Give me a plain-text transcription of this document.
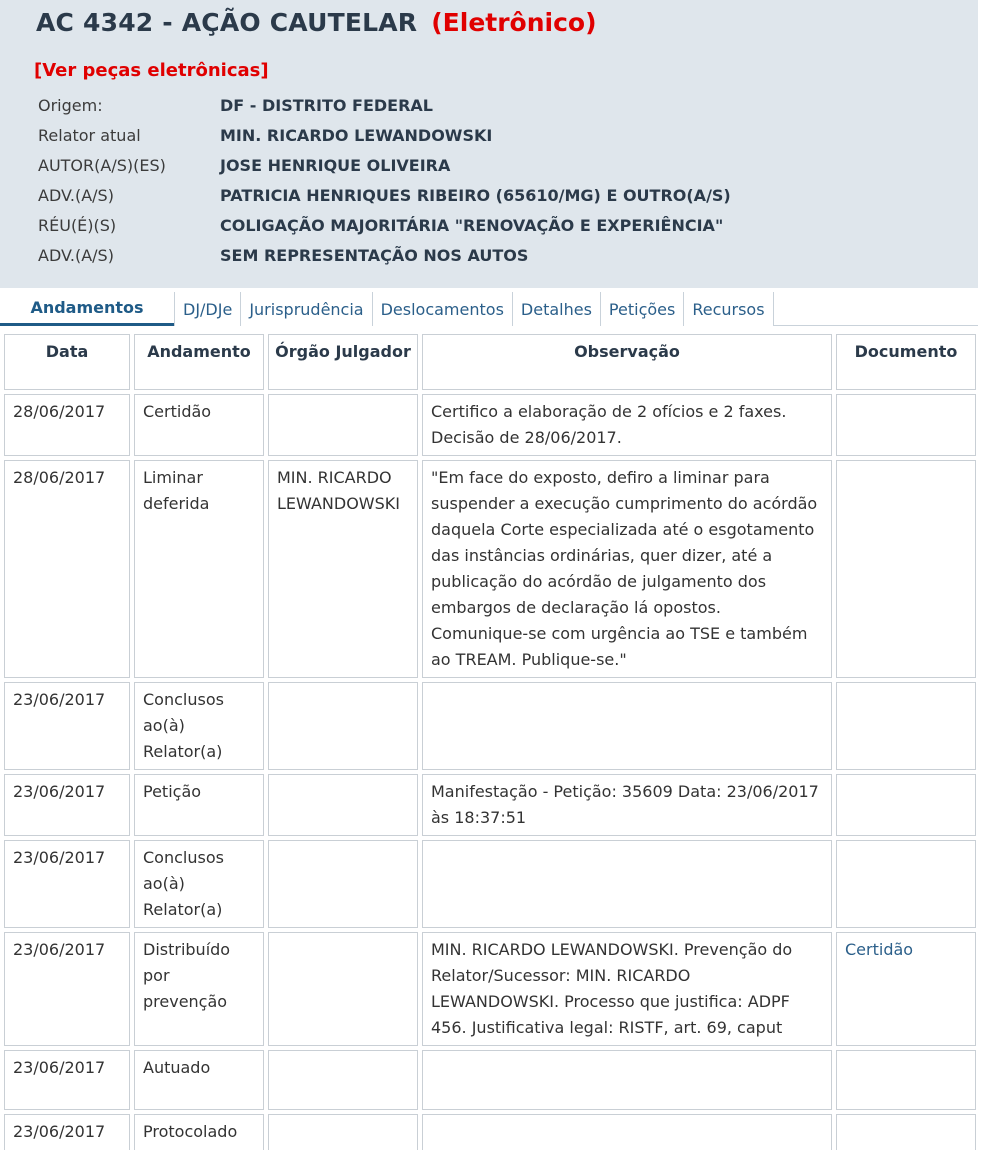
AC 4342 - AÇÃO CAUTELAR (Eletrônico)
[Ver peças eletrônicas]
Origem:	DF - DISTRITO FEDERAL
Relator atual	MIN. RICARDO LEWANDOWSKI
AUTOR(A/S)(ES)	JOSE HENRIQUE OLIVEIRA
ADV.(A/S)	PATRICIA HENRIQUES RIBEIRO (65610/MG) E OUTRO(A/S)
RÉU(É)(S)	COLIGAÇÃO MAJORITÁRIA "RENOVAÇÃO E EXPERIÊNCIA"
ADV.(A/S)	SEM REPRESENTAÇÃO NOS AUTOS
Andamentos	DJ/DJe	Jurisprudência	Deslocamentos	Detalhes	Petições	Recursos
Data	Andamento	Órgão Julgador	Observação	Documento
28/06/2017	Certidão		Certifico a elaboração de 2 ofícios e 2 faxes. Decisão de 28/06/2017.	
28/06/2017	Liminar deferida	MIN. RICARDO LEWANDOWSKI	"Em face do exposto, defiro a liminar para suspender a execução cumprimento do acórdão daquela Corte especializada até o esgotamento das instâncias ordinárias, quer dizer, até a publicação do acórdão de julgamento dos embargos de declaração lá opostos. Comunique-se com urgência ao TSE e também ao TREAM. Publique-se."	
23/06/2017	Conclusos ao(à) Relator(a)			
23/06/2017	Petição		Manifestação - Petição: 35609 Data: 23/06/2017 às 18:37:51	
23/06/2017	Conclusos ao(à) Relator(a)			
23/06/2017	Distribuído por prevenção		MIN. RICARDO LEWANDOWSKI. Prevenção do Relator/Sucessor: MIN. RICARDO LEWANDOWSKI. Processo que justifica: ADPF 456. Justificativa legal: RISTF, art. 69, caput	Certidão
23/06/2017	Autuado			
23/06/2017	Protocolado			
